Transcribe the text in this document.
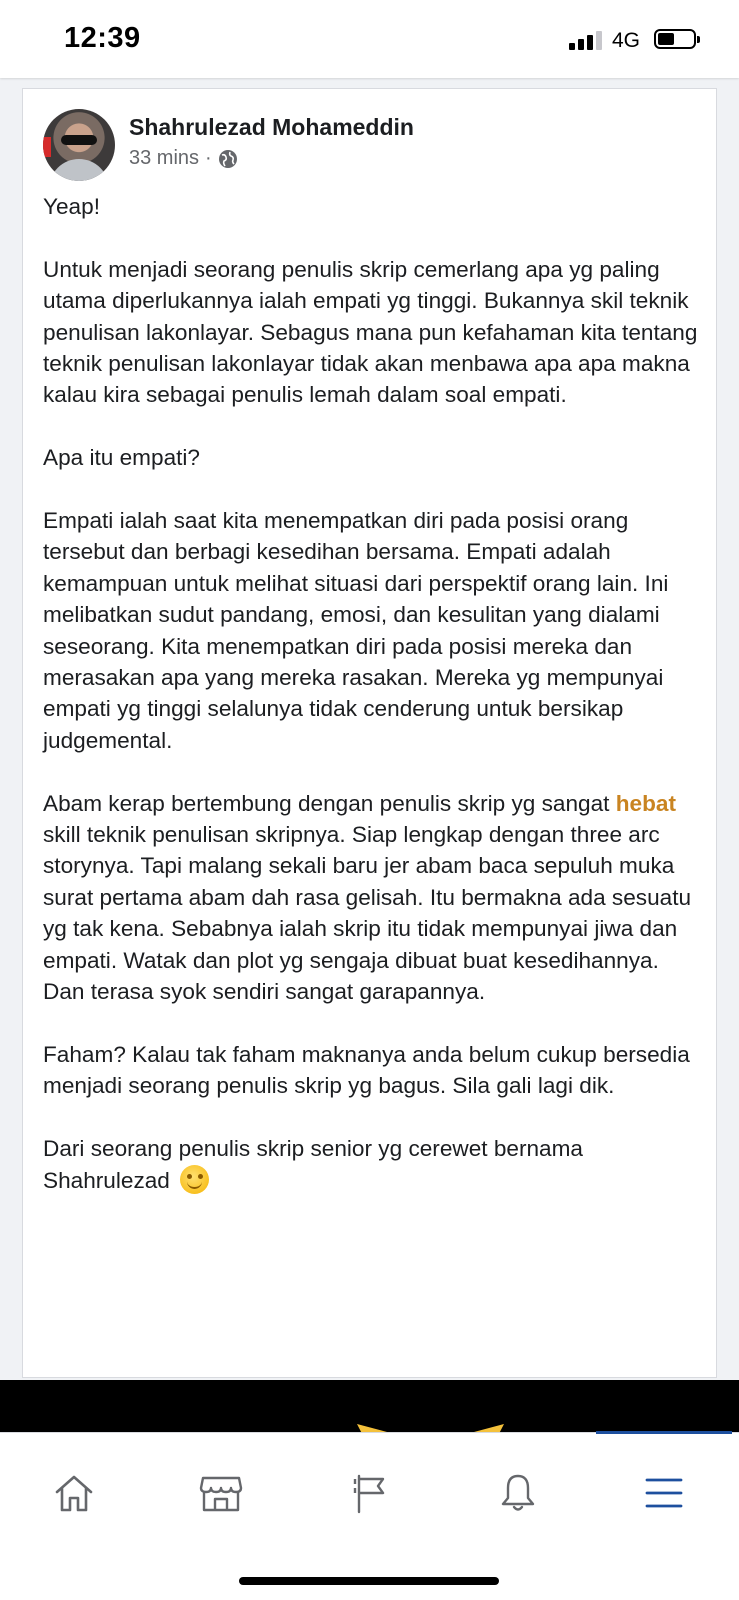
12:39	4G
Shahrulezad Mohameddin
33 mins ·

Yeap!

Untuk menjadi seorang penulis skrip cemerlang apa yg paling utama diperlukannya ialah empati yg tinggi. Bukannya skil teknik penulisan lakonlayar. Sebagus mana pun kefahaman kita tentang teknik penulisan lakonlayar tidak akan menbawa apa apa makna kalau kira sebagai penulis lemah dalam soal empati.

Apa itu empati?

Empati ialah saat kita menempatkan diri pada posisi orang tersebut dan berbagi kesedihan bersama. Empati adalah kemampuan untuk melihat situasi dari perspektif orang lain. Ini melibatkan sudut pandang, emosi, dan kesulitan yang dialami seseorang. Kita menempatkan diri pada posisi mereka dan merasakan apa yang mereka rasakan. Mereka yg mempunyai empati yg tinggi selalunya tidak cenderung untuk bersikap judgemental.

Abam kerap bertembung dengan penulis skrip yg sangat hebat skill teknik penulisan skripnya. Siap lengkap dengan three arc storynya. Tapi malang sekali baru jer abam baca sepuluh muka surat pertama abam dah rasa gelisah. Itu bermakna ada sesuatu yg tak kena. Sebabnya ialah skrip itu tidak mempunyai jiwa dan empati. Watak dan plot yg sengaja dibuat buat kesedihannya. Dan terasa syok sendiri sangat garapannya.

Faham? Kalau tak faham maknanya anda belum cukup bersedia menjadi seorang penulis skrip yg bagus. Sila gali lagi dik.

Dari seorang penulis skrip senior yg cerewet bernama Shahrulezad
